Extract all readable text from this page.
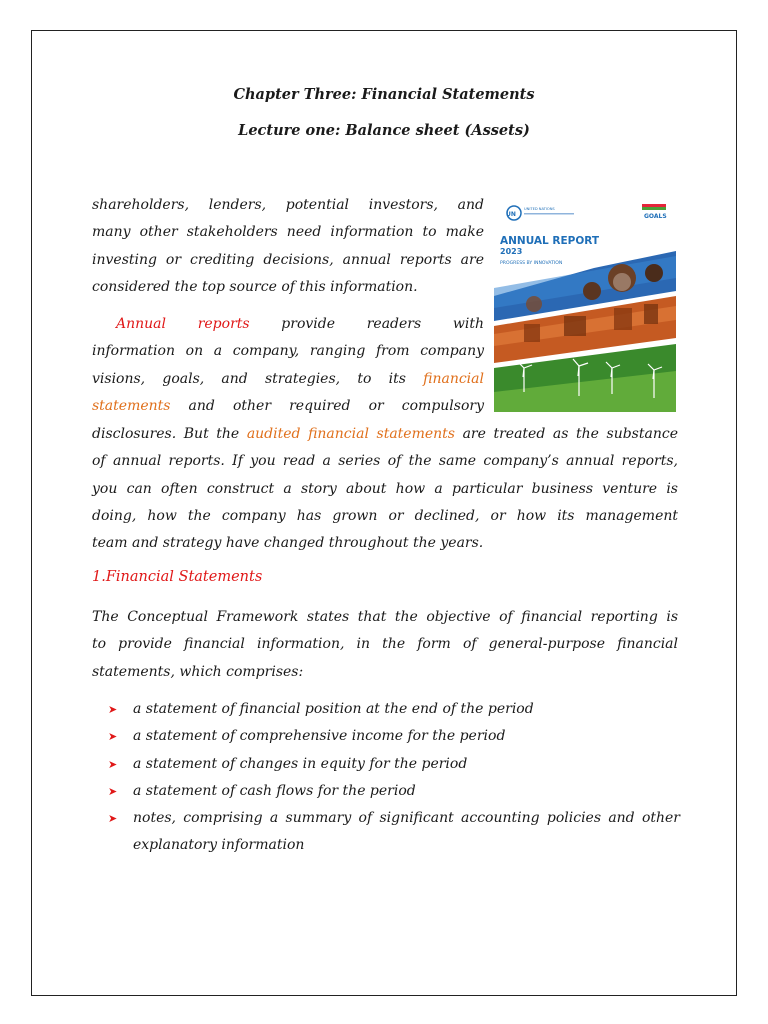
Chapter Three: Financial Statements
Lecture one: Balance sheet (Assets)
shareholders, lenders, potential investors, and
many other stakeholders need information to make
investing or crediting decisions, annual reports are
considered the top source of this information.
Annual reports provide readers with
information on a company, ranging from company
visions, goals, and strategies, to its financial
statements and other required or compulsory
disclosures. But the audited financial statements are treated as the substance
of annual reports. If you read a series of the same company’s annual reports,
you can often construct a story about how a particular business venture is
doing, how the company has grown or declined, or how its management
team and strategy have changed throughout the years.
1.Financial Statements
The Conceptual Framework states that the objective of financial reporting is
to provide financial information, in the form of general-purpose financial
statements, which comprises:
➤ a statement of financial position at the end of the period
➤ a statement of comprehensive income for the period
➤ a statement of changes in equity for the period
➤ a statement of cash flows for the period
➤ notes, comprising a summary of significant accounting policies and other explanatory information
UN
UNITED NATIONS
GOALS
ANNUAL REPORT
2023
PROGRESS BY INNOVATION
